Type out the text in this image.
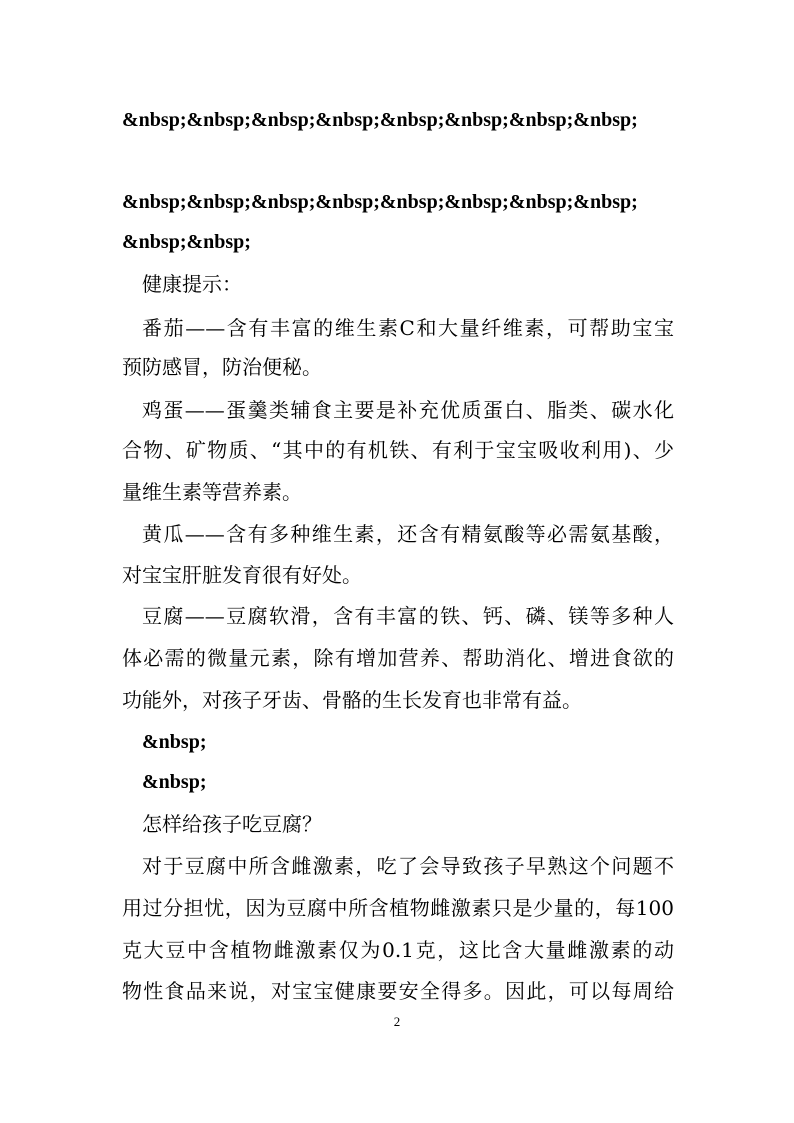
&nbsp;&nbsp;&nbsp;&nbsp;&nbsp;&nbsp;&nbsp;&nbsp;

&nbsp;&nbsp;&nbsp;&nbsp;&nbsp;&nbsp;&nbsp;&nbsp;

&nbsp;&nbsp;

健康提示：

番茄——含有丰富的维生素C和大量纤维素，可帮助宝宝

预防感冒，防治便秘。

鸡蛋——蛋羹类辅食主要是补充优质蛋白、脂类、碳水化

合物、矿物质、“其中的有机铁、有利于宝宝吸收利用)、少

量维生素等营养素。

黄瓜——含有多种维生素，还含有精氨酸等必需氨基酸，

对宝宝肝脏发育很有好处。

豆腐——豆腐软滑，含有丰富的铁、钙、磷、镁等多种人

体必需的微量元素，除有增加营养、帮助消化、增进食欲的

功能外，对孩子牙齿、骨骼的生长发育也非常有益。

&nbsp;

&nbsp;

怎样给孩子吃豆腐？

对于豆腐中所含雌激素，吃了会导致孩子早熟这个问题不

用过分担忧，因为豆腐中所含植物雌激素只是少量的，每100

克大豆中含植物雌激素仅为0.1克，这比含大量雌激素的动

物性食品来说，对宝宝健康要安全得多。因此，可以每周给

2
